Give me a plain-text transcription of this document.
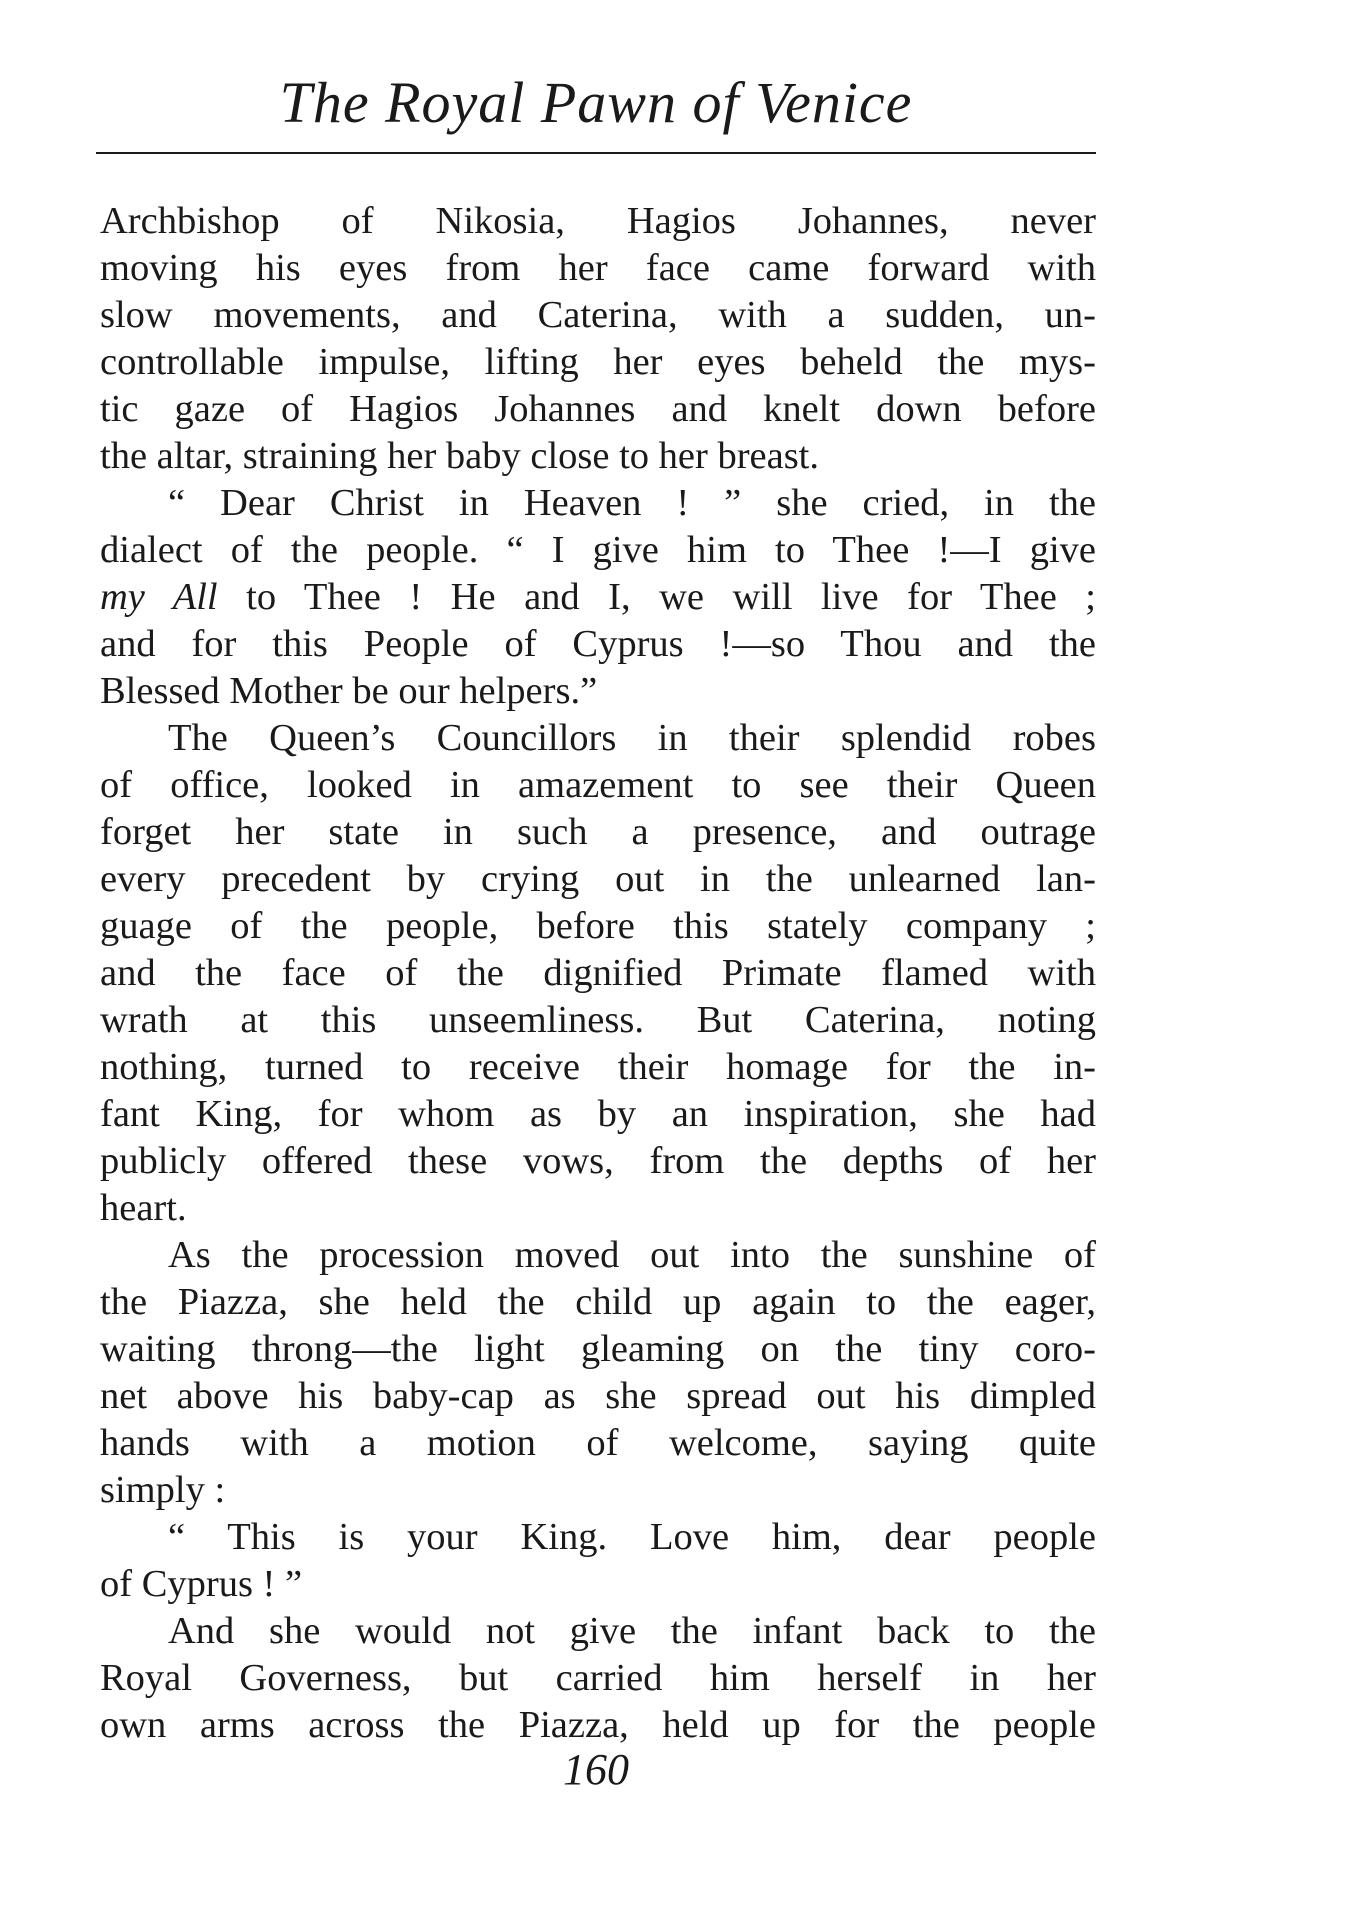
The Royal Pawn of Venice
Archbishop of Nikosia, Hagios Johannes, never
moving his eyes from her face came forward with
slow movements, and Caterina, with a sudden, un-
controllable impulse, lifting her eyes beheld the mys-
tic gaze of Hagios Johannes and knelt down before
the altar, straining her baby close to her breast.
“ Dear Christ in Heaven ! ” she cried, in the
dialect of the people. “ I give him to Thee !—I give
my All to Thee ! He and I, we will live for Thee ;
and for this People of Cyprus !—so Thou and the
Blessed Mother be our helpers.”
The Queen’s Councillors in their splendid robes
of office, looked in amazement to see their Queen
forget her state in such a presence, and outrage
every precedent by crying out in the unlearned lan-
guage of the people, before this stately company ;
and the face of the dignified Primate flamed with
wrath at this unseemliness. But Caterina, noting
nothing, turned to receive their homage for the in-
fant King, for whom as by an inspiration, she had
publicly offered these vows, from the depths of her
heart.
As the procession moved out into the sunshine of
the Piazza, she held the child up again to the eager,
waiting throng—the light gleaming on the tiny coro-
net above his baby-cap as she spread out his dimpled
hands with a motion of welcome, saying quite
simply :
“ This is your King. Love him, dear people
of Cyprus ! ”
And she would not give the infant back to the
Royal Governess, but carried him herself in her
own arms across the Piazza, held up for the people
160
